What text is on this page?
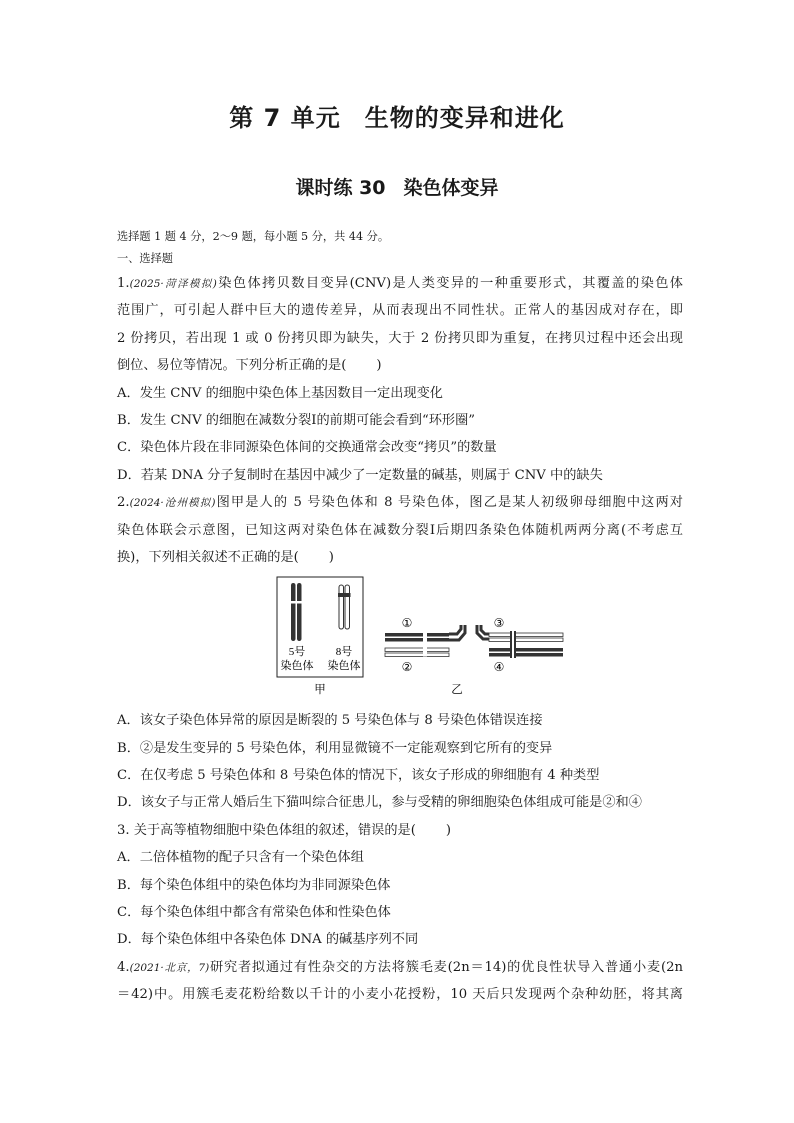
第 7 单元 生物的变异和进化
课时练 30 染色体变异
选择题 1 题 4 分，2～9 题，每小题 5 分，共 44 分。
一、选择题
1.(2025·菏泽模拟)染色体拷贝数目变异(CNV)是人类变异的一种重要形式，其覆盖的染色体
范围广，可引起人群中巨大的遗传差异，从而表现出不同性状。正常人的基因成对存在，即
2 份拷贝，若出现 1 或 0 份拷贝即为缺失，大于 2 份拷贝即为重复，在拷贝过程中还会出现
倒位、易位等情况。下列分析正确的是( )
A．发生 CNV 的细胞中染色体上基因数目一定出现变化
B．发生 CNV 的细胞在减数分裂Ⅰ的前期可能会看到“环形圈”
C．染色体片段在非同源染色体间的交换通常会改变“拷贝”的数量
D．若某 DNA 分子复制时在基因中减少了一定数量的碱基，则属于 CNV 中的缺失
2.(2024·沧州模拟)图甲是人的 5 号染色体和 8 号染色体，图乙是某人初级卵母细胞中这两对
染色体联会示意图，已知这两对染色体在减数分裂Ⅰ后期四条染色体随机两两分离(不考虑互
换)，下列相关叙述不正确的是( )
5号
染色体
8号
染色体
甲
①
②
③
④
乙
A．该女子染色体异常的原因是断裂的 5 号染色体与 8 号染色体错误连接
B．②是发生变异的 5 号染色体，利用显微镜不一定能观察到它所有的变异
C．在仅考虑 5 号染色体和 8 号染色体的情况下，该女子形成的卵细胞有 4 种类型
D．该女子与正常人婚后生下猫叫综合征患儿，参与受精的卵细胞染色体组成可能是②和④
3. 关于高等植物细胞中染色体组的叙述，错误的是( )
A．二倍体植物的配子只含有一个染色体组
B．每个染色体组中的染色体均为非同源染色体
C．每个染色体组中都含有常染色体和性染色体
D．每个染色体组中各染色体 DNA 的碱基序列不同
4.(2021·北京，7)研究者拟通过有性杂交的方法将簇毛麦(2n＝14)的优良性状导入普通小麦(2n
＝42)中。用簇毛麦花粉给数以千计的小麦小花授粉，10 天后只发现两个杂种幼胚，将其离
